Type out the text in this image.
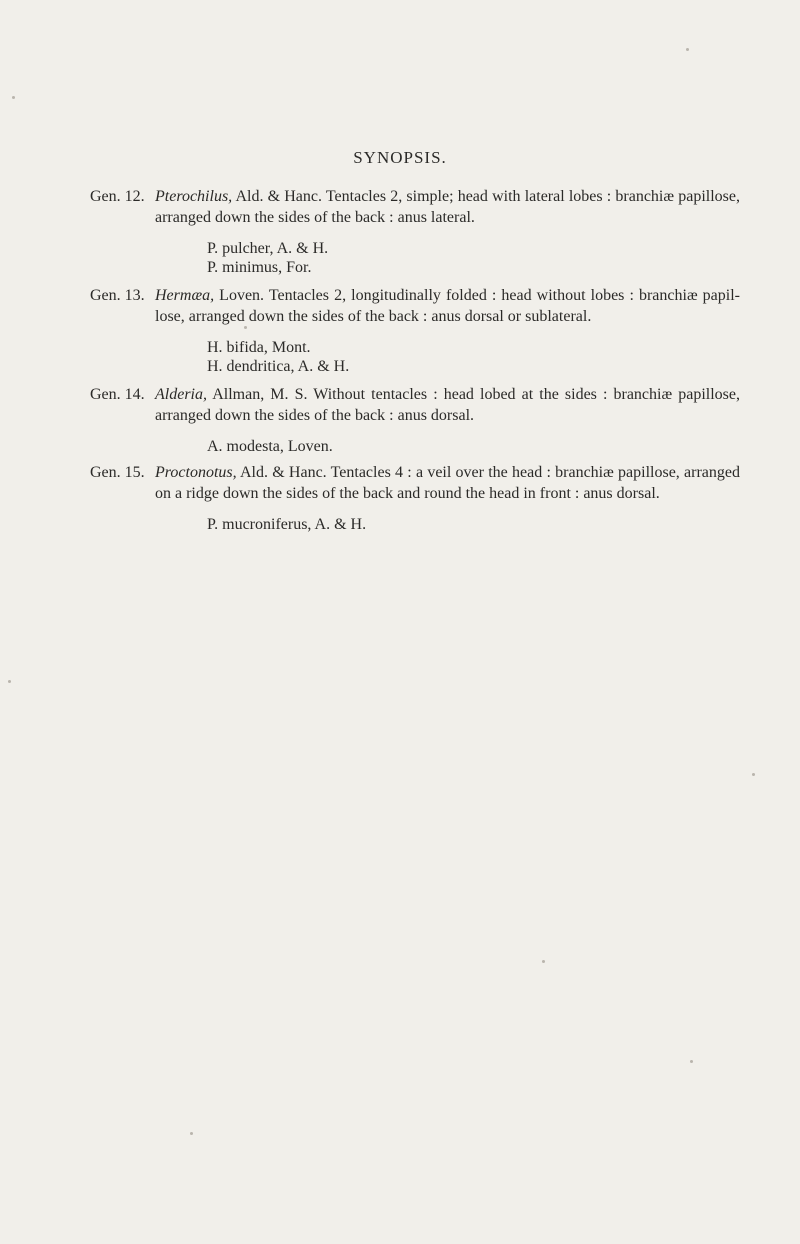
SYNOPSIS.
Gen. 12. Pterochilus, Ald. & Hanc. Tentacles 2, simple; head with lateral lobes : branchiæ papillose, arranged down the sides of the back : anus lateral.
P. pulcher, A. & H.
P. minimus, For.
Gen. 13. Hermæa, Loven. Tentacles 2, longitudinally folded : head without lobes : branchiæ papil-lose, arranged down the sides of the back : anus dorsal or sublateral.
H. bifida, Mont.
H. dendritica, A. & H.
Gen. 14. Alderia, Allman, M. S. Without tentacles : head lobed at the sides : branchiæ papillose, arranged down the sides of the back : anus dorsal.
A. modesta, Loven.
Gen. 15. Proctonotus, Ald. & Hanc. Tentacles 4 : a veil over the head : branchiæ papillose, arranged on a ridge down the sides of the back and round the head in front : anus dorsal.
P. mucroniferus, A. & H.
